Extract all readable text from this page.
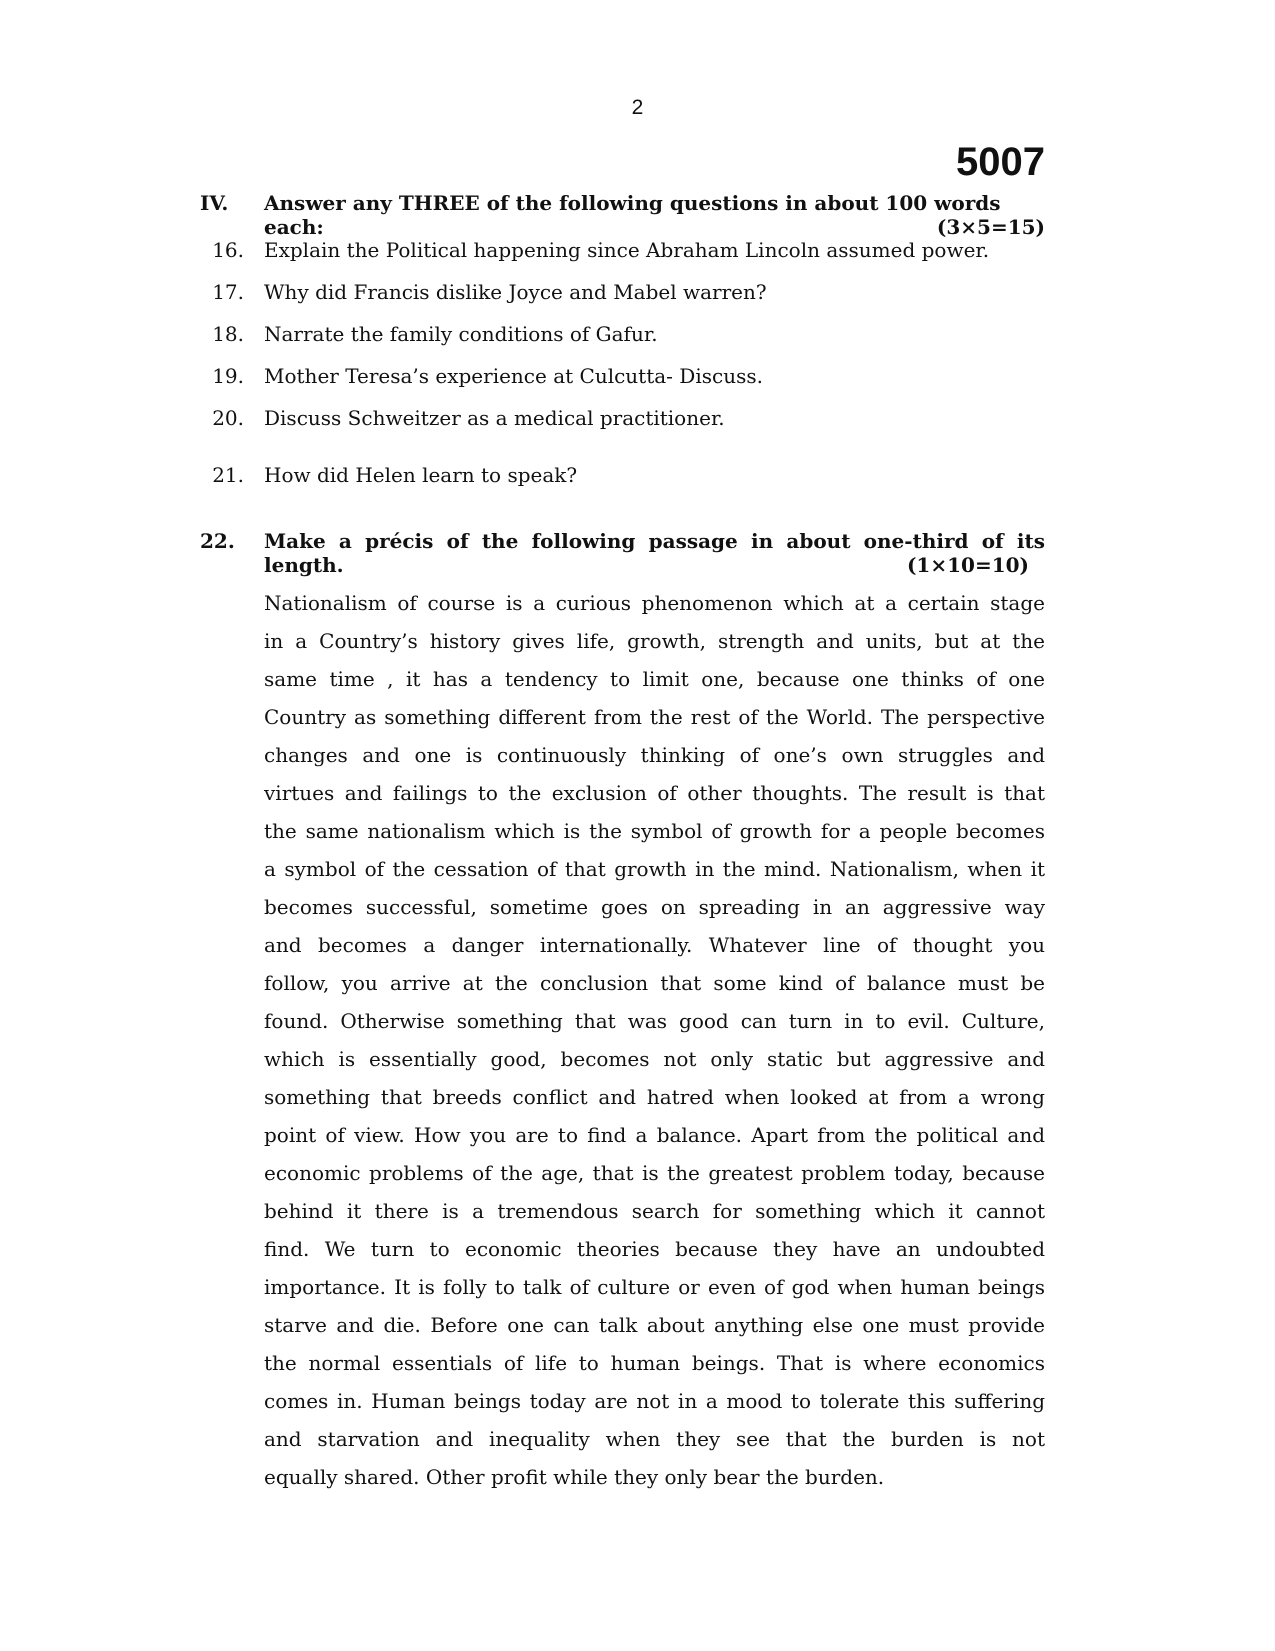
2
5007
IV. Answer any THREE of the following questions in about 100 words each:	(3×5=15)
16. Explain the Political happening since Abraham Lincoln assumed power.
17. Why did Francis dislike Joyce and Mabel warren?
18. Narrate the family conditions of Gafur.
19. Mother Teresa’s experience at Culcutta- Discuss.
20. Discuss Schweitzer as a medical practitioner.
21. How did Helen learn to speak?
22. Make a précis of the following passage in about one-third of its length.	(1×10=10)
Nationalism of course is a curious phenomenon which at a certain stage
in a Country’s history gives life, growth, strength and units, but at the
same time , it has a tendency to limit one, because one thinks of one
Country as something different from the rest of the World. The perspective
changes and one is continuously thinking of one’s own struggles and
virtues and failings to the exclusion of other thoughts. The result is that
the same nationalism which is the symbol of growth for a people becomes
a symbol of the cessation of that growth in the mind. Nationalism, when it
becomes successful, sometime goes on spreading in an aggressive way
and becomes a danger internationally. Whatever line of thought you
follow, you arrive at the conclusion that some kind of balance must be
found. Otherwise something that was good can turn in to evil. Culture,
which is essentially good, becomes not only static but aggressive and
something that breeds conflict and hatred when looked at from a wrong
point of view. How you are to find a balance. Apart from the political and
economic problems of the age, that is the greatest problem today, because
behind it there is a tremendous search for something which it cannot
find. We turn to economic theories because they have an undoubted
importance. It is folly to talk of culture or even of god when human beings
starve and die. Before one can talk about anything else one must provide
the normal essentials of life to human beings. That is where economics
comes in. Human beings today are not in a mood to tolerate this suffering
and starvation and inequality when they see that the burden is not
equally shared. Other profit while they only bear the burden.
